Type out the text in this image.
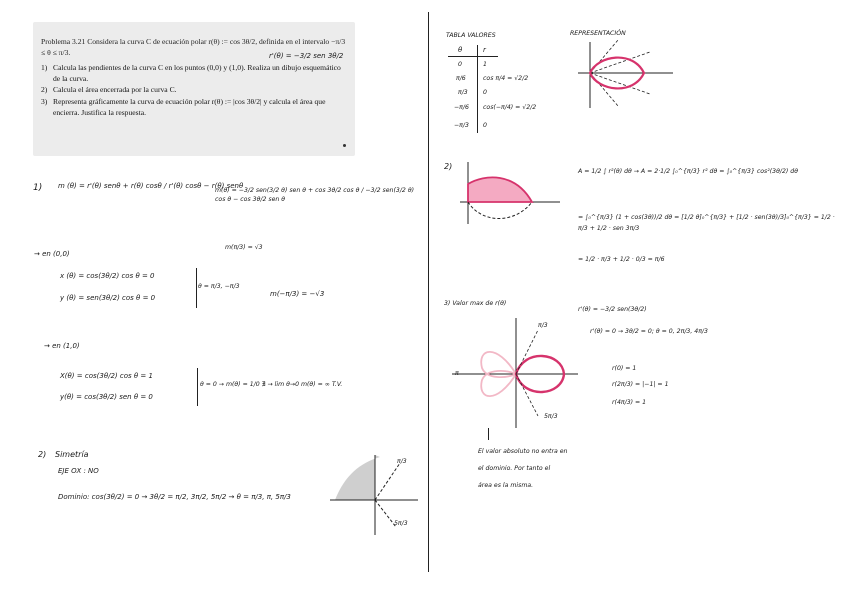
Problema 3.21 Considera la curva C de ecuación polar r(θ) := cos 3θ/2, definida en el intervalo −π/3 ≤ θ ≤ π/3.

1) Calcula las pendientes de la curva C en los puntos (0,0) y (1,0). Realiza un dibujo esquemático de la curva.
2) Calcula el área encerrada por la curva C.
3) Representa gráficamente la curva de ecuación polar r(θ) := |cos 3θ/2| y calcula el área que encierra. Justifica la respuesta.
r'(θ) = −3/2 sen 3θ/2
1) m (θ) = r'(θ) senθ + r(θ) cosθ / r'(θ) cosθ − r(θ) senθ
m(θ) = −3/2 sen(3/2 θ) sen θ + cos 3θ/2 cos θ / −3/2 sen(3/2 θ) cos θ − cos 3θ/2 sen θ
→ en (0,0)
m(π/3) = √3
x (θ) = cos(3θ/2) cos θ = 0
y (θ) = sen(3θ/2) cos θ = 0
θ = π/3, −π/3
m(−π/3) = −√3
→ en (1,0)
X(θ) = cos(3θ/2) cos θ = 1
y(θ) = cos(3θ/2) sen θ = 0
θ = 0 → m(θ) = 1/0 ∄ → lim θ→0 m(θ) = ∞ T.V.
2) Simetría
EJE OX : NO
Dominio: cos(3θ/2) = 0 → 3θ/2 = π/2, 3π/2, 5π/2 → θ = π/3, π, 5π/3
π/3
5π/3
TABLA VALORES
θ	r
0	1
π/6	cos π/4 = √2/2
π/3 0
−π/6 cos(−π/4) = √2/2
−π/3 0
REPRESENTACIÓN
2)
A = 1/2 ∫ r²(θ) dθ → A = 2·1/2 ∫₀^{π/3} r² dθ = ∫₀^{π/3} cos²(3θ/2) dθ
= ∫₀^{π/3} (1 + cos(3θ))/2 dθ = [1/2 θ]₀^{π/3} + [1/2 · sen(3θ)/3]₀^{π/3} = 1/2 · π/3 + 1/2 · sen 3π/3
= 1/2 · π/3 + 1/2 · 0/3 = π/6
3) Valor max de r(θ)
r'(θ) = −3/2 sen(3θ/2)
r'(θ) = 0 → 3θ/2 = 0; θ = 0, 2π/3, 4π/3
r(0) = 1
r(2π/3) = |−1| = 1
r(4π/3) = 1
π/3
π
5π/3
El valor absoluto no entra en
el dominio. Por tanto el
área es la misma.
